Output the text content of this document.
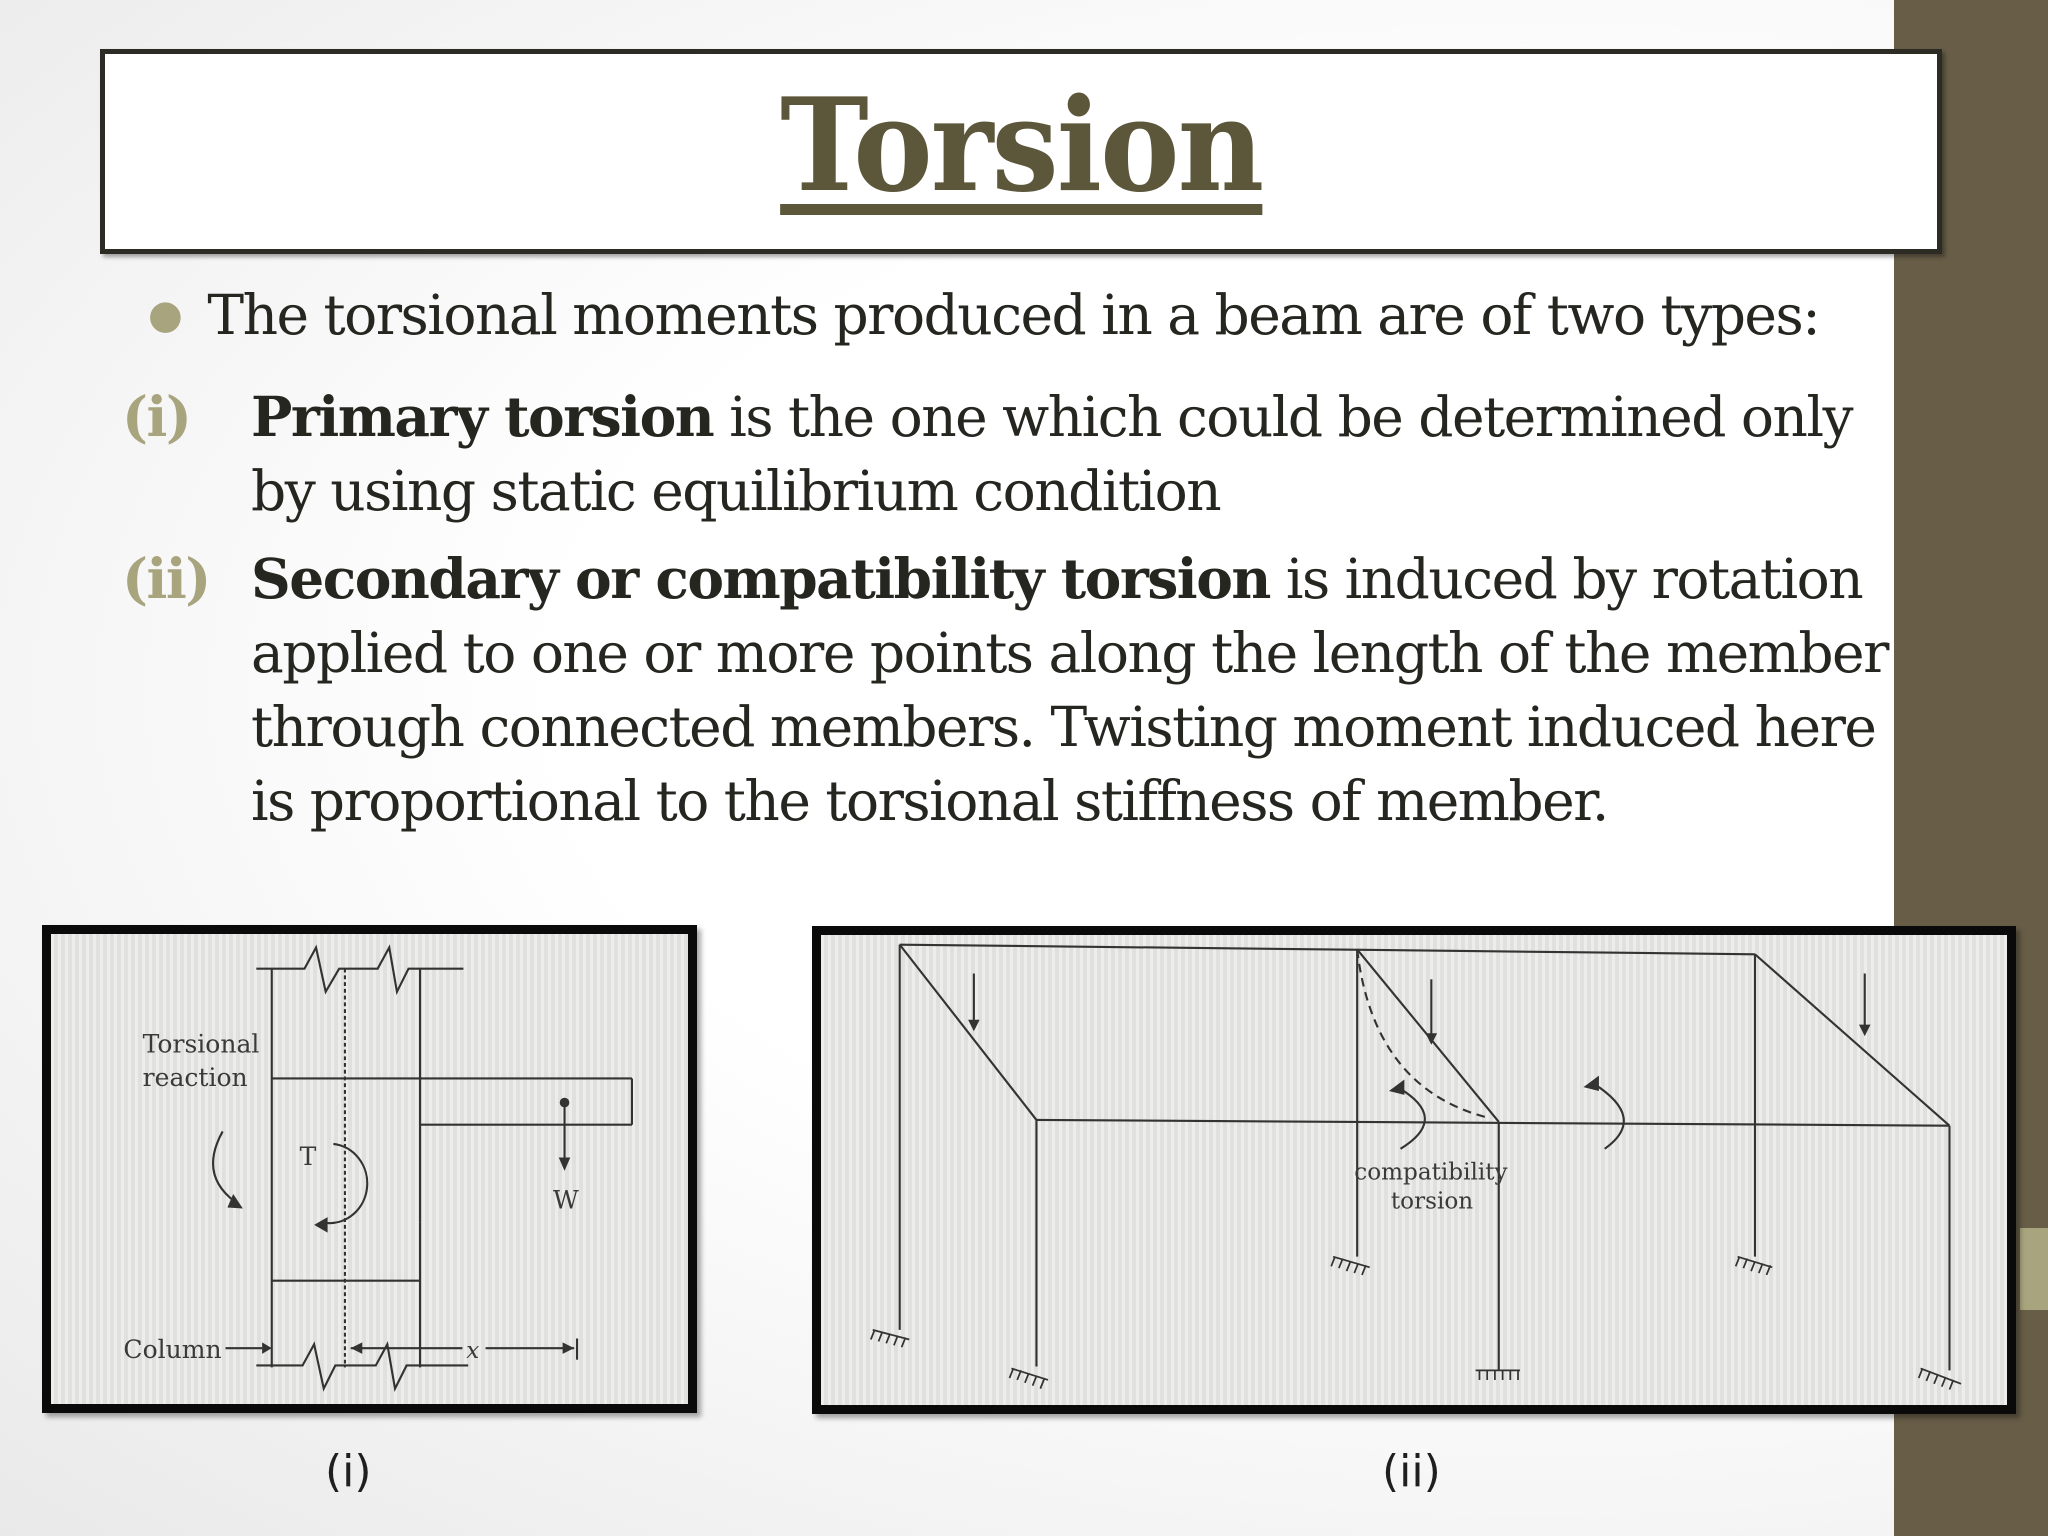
Torsion
● The torsional moments produced in a beam are of two types:
(i) Primary torsion is the one which could be determined only by using static equilibrium condition
(ii) Secondary or compatibility torsion is induced by rotation applied to one or more points along the length of the member through connected members. Twisting moment induced here is proportional to the torsional stiffness of member.
Torsional
reaction
T
W
Column	x
(i)
compatibility
torsion
(ii)
